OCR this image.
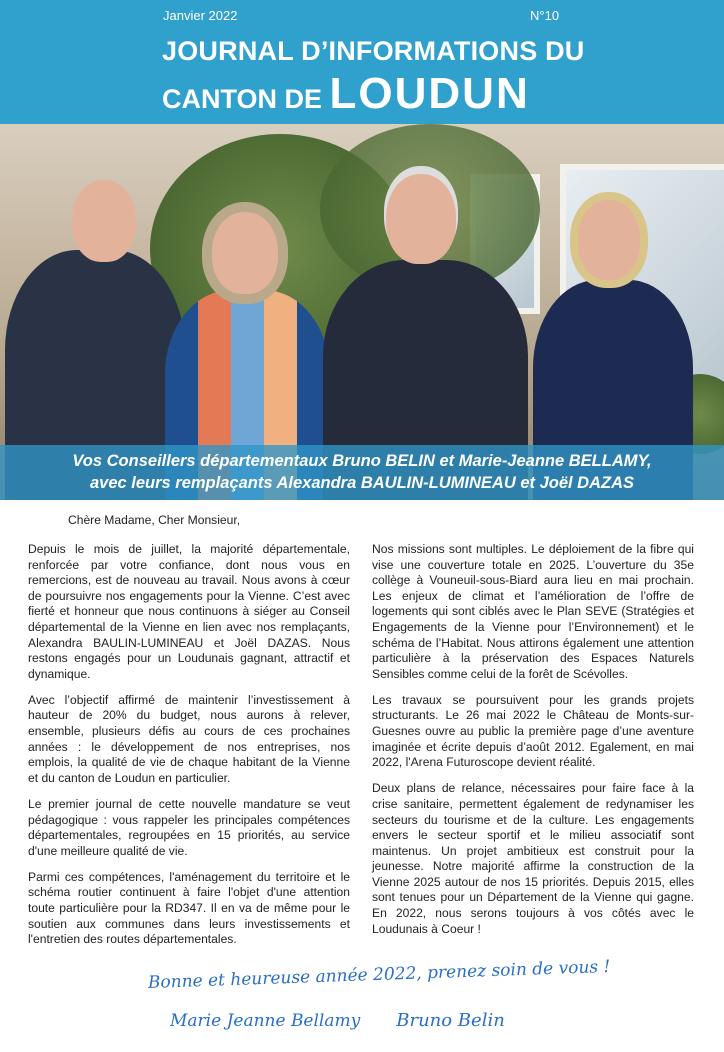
Janvier 2022	N°10
JOURNAL D’INFORMATIONS DU
CANTON DE LOUDUN
Vos Conseillers départementaux Bruno BELIN et Marie-Jeanne BELLAMY,
avec leurs remplaçants Alexandra BAULIN-LUMINEAU et Joël DAZAS
Chère Madame, Cher Monsieur,

Depuis le mois de juillet, la majorité départementale, renforcée par votre confiance, dont nous vous en remercions, est de nouveau au travail. Nous avons à cœur de poursuivre nos engagements pour la Vienne. C’est avec fierté et honneur que nous continuons à siéger au Conseil départemental de la Vienne en lien avec nos remplaçants, Alexandra BAULIN-LUMINEAU et Joël DAZAS. Nous restons engagés pour un Loudunais gagnant, attractif et dynamique.

Avec l’objectif affirmé de maintenir l’investissement à hauteur de 20% du budget, nous aurons à relever, ensemble, plusieurs défis au cours de ces prochaines années : le développement de nos entreprises, nos emplois, la qualité de vie de chaque habitant de la Vienne et du canton de Loudun en particulier.

Le premier journal de cette nouvelle mandature se veut pédagogique : vous rappeler les principales compétences départementales, regroupées en 15 priorités, au service d'une meilleure qualité de vie.

Parmi ces compétences, l'aménagement du territoire et le schéma routier continuent à faire l'objet d'une attention toute particulière pour la RD347. Il en va de même pour le soutien aux communes dans leurs investissements et l'entretien des routes départementales.

Nos missions sont multiples. Le déploiement de la fibre qui vise une couverture totale en 2025. L’ouverture du 35e collège à Vouneuil-sous-Biard aura lieu en mai prochain. Les enjeux de climat et l’amélioration de l’offre de logements qui sont ciblés avec le Plan SEVE (Stratégies et Engagements de la Vienne pour l’Environnement) et le schéma de l’Habitat. Nous attirons également une attention particulière à la préservation des Espaces Naturels Sensibles comme celui de la forêt de Scévolles.

Les travaux se poursuivent pour les grands projets structurants. Le 26 mai 2022 le Château de Monts-sur-Guesnes ouvre au public la première page d’une aventure imaginée et écrite depuis d’août 2012. Egalement, en mai 2022, l'Arena Futuroscope devient réalité.

Deux plans de relance, nécessaires pour faire face à la crise sanitaire, permettent également de redynamiser les secteurs du tourisme et de la culture. Les engagements envers le secteur sportif et le milieu associatif sont maintenus. Un projet ambitieux est construit pour la jeunesse. Notre majorité affirme la construction de la Vienne 2025 autour de nos 15 priorités. Depuis 2015, elles sont tenues pour un Département de la Vienne qui gagne. En 2022, nous serons toujours à vos côtés avec le Loudunais à Coeur !

Bonne et heureuse année 2022, prenez soin de vous !
Marie Jeanne Bellamy Bruno Belin
